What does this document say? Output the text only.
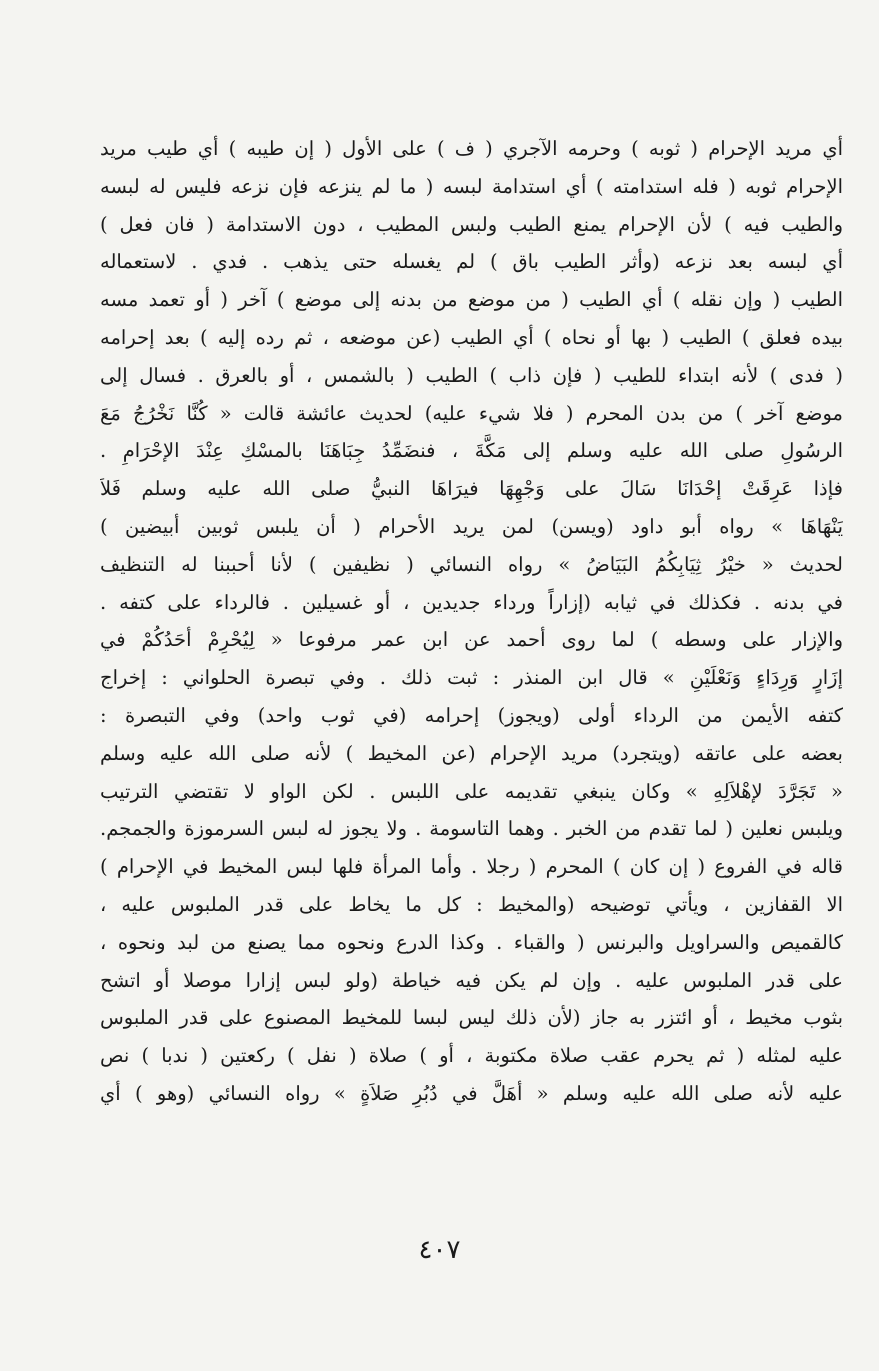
أي مريد الإحرام ( ثوبه ) وحرمه الآجري ( ف ) على الأول ( إن طيبه ) أي طيب مريد
الإحرام ثوبه ( فله استدامته ) أي استدامة لبسه ( ما لم ينزعه فإن نزعه فليس له لبسه
والطيب فيه ) لأن الإحرام يمنع الطيب ولبس المطيب ، دون الاستدامة ( فان فعل )
أي لبسه بعد نزعه (وأثر الطيب باق ) لم يغسله حتى يذهب . فدي . لاستعماله
الطيب ( وإن نقله ) أي الطيب ( من موضع من بدنه إلى موضع ) آخر ( أو تعمد مسه
بيده فعلق ) الطيب ( بها أو نحاه ) أي الطيب (عن موضعه ، ثم رده إليه ) بعد إحرامه
( فدى ) لأنه ابتداء للطيب ( فإن ذاب ) الطيب ( بالشمس ، أو بالعرق . فسال إلى
موضع آخر ) من بدن المحرم ( فلا شيء عليه) لحديث عائشة قالت « كُنَّا نَخْرُجُ مَعَ
الرسُولِ صلى الله عليه وسلم إلى مَكَّةَ ، فنضَمِّدُ جِبَاهَنَا بالمسْكِ عِنْدَ الإحْرَامِ .
فإذا عَرِقَتْ إحْدَانَا سَالَ على وَجْهِهَا فيرَاهَا النبيُّ صلى الله عليه وسلم فَلاَ
يَنْهَاهَا » رواه أبو داود (ويسن) لمن يريد الأحرام ( أن يلبس ثوبين أبيضين )
لحديث « خيْرُ ثِيَابِكُمُ البَيَاضُ » رواه النسائي ( نظيفين ) لأنا أحببنا له التنظيف
في بدنه . فكذلك في ثيابه (إزاراً ورداء جديدين ، أو غسيلين . فالرداء على كتفه .
والإزار على وسطه ) لما روى أحمد عن ابن عمر مرفوعا « لِيُحْرِمْ أحَدُكُمْ في
إزَارٍ وَرِدَاءٍ وَنَعْلَيْنِ » قال ابن المنذر : ثبت ذلك . وفي تبصرة الحلواني : إخراج
كتفه الأيمن من الرداء أولى (ويجوز) إحرامه (في ثوب واحد) وفي التبصرة :
بعضه على عاتقه (ويتجرد) مريد الإحرام (عن المخيط ) لأنه صلى الله عليه وسلم
« تَجَرَّدَ لإهْلاَلِهِ » وكان ينبغي تقديمه على اللبس . لكن الواو لا تقتضي الترتيب
ويلبس نعلين ( لما تقدم من الخبر . وهما التاسومة . ولا يجوز له لبس السرموزة والجمجم.
قاله في الفروع ( إن كان ) المحرم ( رجلا . وأما المرأة فلها لبس المخيط في الإحرام )
الا القفازين ، ويأتي توضيحه (والمخيط : كل ما يخاط على قدر الملبوس عليه ،
كالقميص والسراويل والبرنس ( والقباء . وكذا الدرع ونحوه مما يصنع من لبد ونحوه ،
على قدر الملبوس عليه . وإن لم يكن فيه خياطة (ولو لبس إزارا موصلا أو اتشح
بثوب مخيط ، أو ائتزر به جاز (لأن ذلك ليس لبسا للمخيط المصنوع على قدر الملبوس
عليه لمثله ( ثم يحرم عقب صلاة مكتوبة ، أو ) صلاة ( نفل ) ركعتين ( ندبا ) نص
عليه لأنه صلى الله عليه وسلم « أهَلَّ في دُبُرِ صَلاَةٍ » رواه النسائي (وهو ) أي
٤٠٧
